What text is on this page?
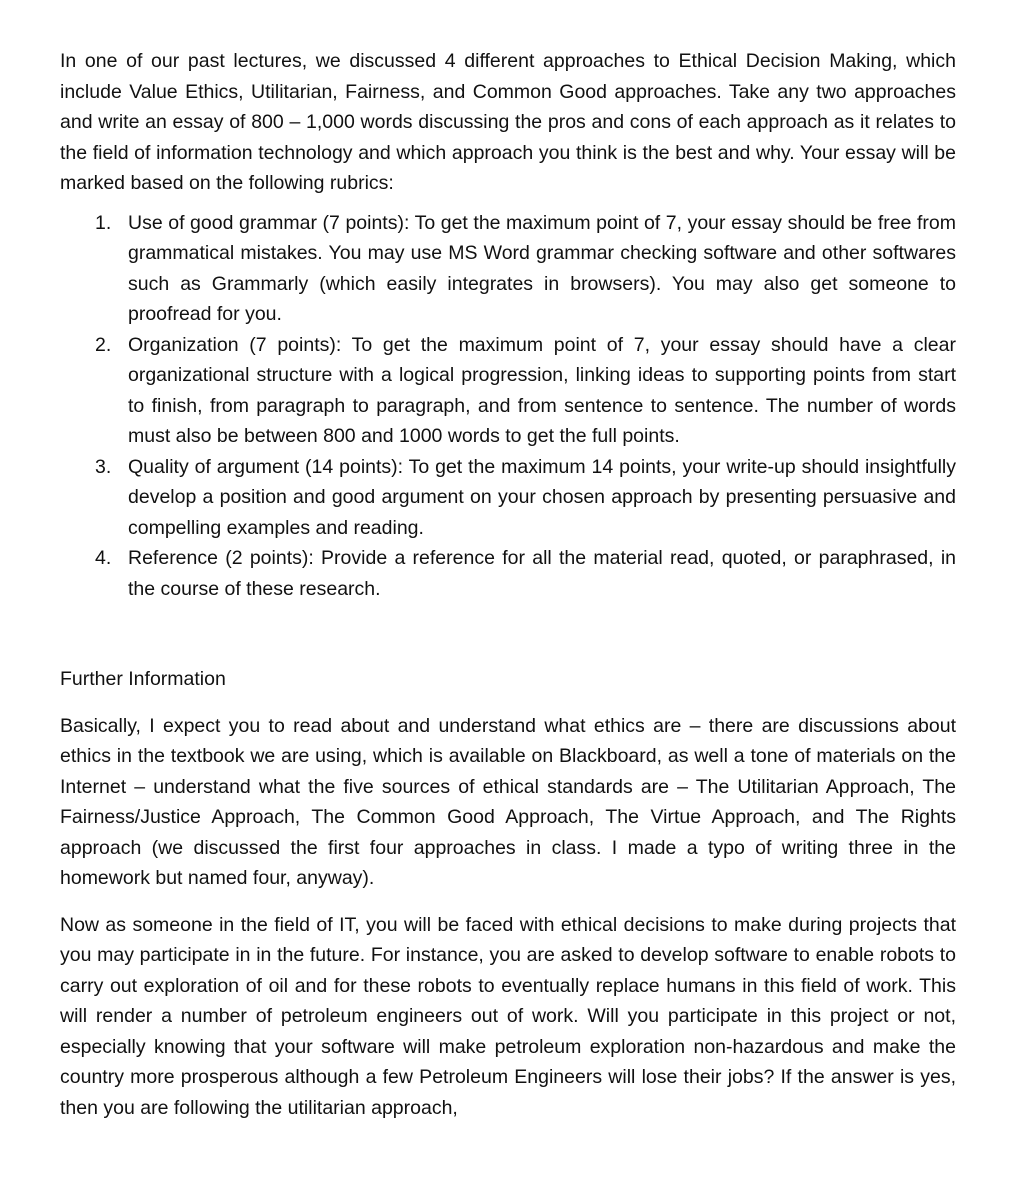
In one of our past lectures, we discussed 4 different approaches to Ethical Decision Making, which include Value Ethics, Utilitarian, Fairness, and Common Good approaches. Take any two approaches and write an essay of 800 – 1,000 words discussing the pros and cons of each approach as it relates to the field of information technology and which approach you think is the best and why. Your essay will be marked based on the following rubrics:

1. Use of good grammar (7 points): To get the maximum point of 7, your essay should be free from grammatical mistakes. You may use MS Word grammar checking software and other softwares such as Grammarly (which easily integrates in browsers). You may also get someone to proofread for you.
2. Organization (7 points): To get the maximum point of 7, your essay should have a clear organizational structure with a logical progression, linking ideas to supporting points from start to finish, from paragraph to paragraph, and from sentence to sentence. The number of words must also be between 800 and 1000 words to get the full points.
3. Quality of argument (14 points): To get the maximum 14 points, your write-up should insightfully develop a position and good argument on your chosen approach by presenting persuasive and compelling examples and reading.
4. Reference (2 points): Provide a reference for all the material read, quoted, or paraphrased, in the course of these research.

Further Information

Basically, I expect you to read about and understand what ethics are – there are discussions about ethics in the textbook we are using, which is available on Blackboard, as well a tone of materials on the Internet – understand what the five sources of ethical standards are – The Utilitarian Approach, The Fairness/Justice Approach, The Common Good Approach, The Virtue Approach, and The Rights approach (we discussed the first four approaches in class. I made a typo of writing three in the homework but named four, anyway).

Now as someone in the field of IT, you will be faced with ethical decisions to make during projects that you may participate in in the future. For instance, you are asked to develop software to enable robots to carry out exploration of oil and for these robots to eventually replace humans in this field of work. This will render a number of petroleum engineers out of work. Will you participate in this project or not, especially knowing that your software will make petroleum exploration non-hazardous and make the country more prosperous although a few Petroleum Engineers will lose their jobs? If the answer is yes, then you are following the utilitarian approach,
